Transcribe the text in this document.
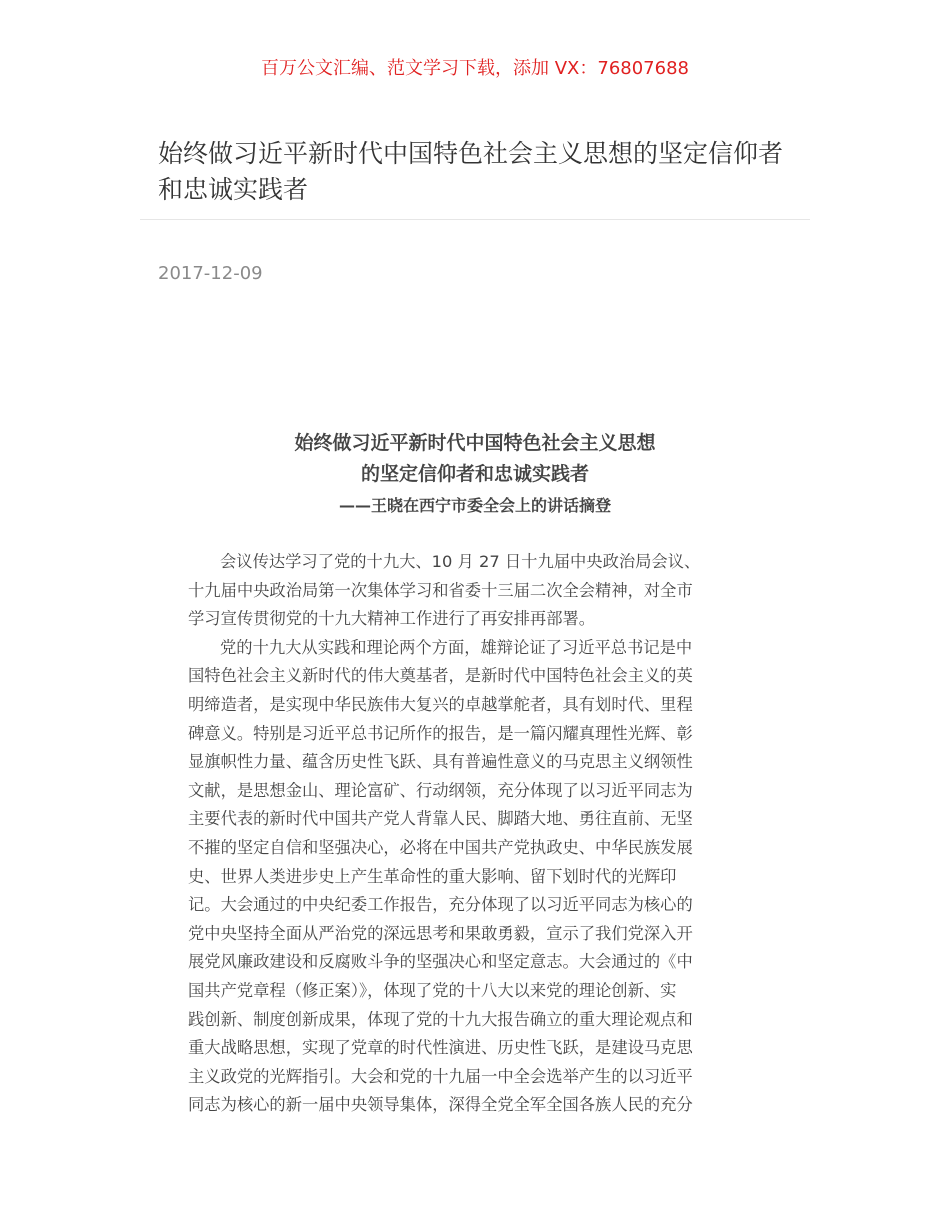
百万公文汇编、范文学习下载，添加 VX：76807688
始终做习近平新时代中国特色社会主义思想的坚定信仰者和忠诚实践者
2017-12-09
始终做习近平新时代中国特色社会主义思想
的坚定信仰者和忠诚实践者
——王晓在西宁市委全会上的讲话摘登
会议传达学习了党的十九大、10 月 27 日十九届中央政治局会议、
十九届中央政治局第一次集体学习和省委十三届二次全会精神，对全市
学习宣传贯彻党的十九大精神工作进行了再安排再部署。
党的十九大从实践和理论两个方面，雄辩论证了习近平总书记是中
国特色社会主义新时代的伟大奠基者，是新时代中国特色社会主义的英
明缔造者，是实现中华民族伟大复兴的卓越掌舵者，具有划时代、里程
碑意义。特别是习近平总书记所作的报告，是一篇闪耀真理性光辉、彰
显旗帜性力量、蕴含历史性飞跃、具有普遍性意义的马克思主义纲领性
文献，是思想金山、理论富矿、行动纲领，充分体现了以习近平同志为
主要代表的新时代中国共产党人背靠人民、脚踏大地、勇往直前、无坚
不摧的坚定自信和坚强决心，必将在中国共产党执政史、中华民族发展
史、世界人类进步史上产生革命性的重大影响、留下划时代的光辉印
记。大会通过的中央纪委工作报告，充分体现了以习近平同志为核心的
党中央坚持全面从严治党的深远思考和果敢勇毅，宣示了我们党深入开
展党风廉政建设和反腐败斗争的坚强决心和坚定意志。大会通过的《中
国共产党章程（修正案）》，体现了党的十八大以来党的理论创新、实
践创新、制度创新成果，体现了党的十九大报告确立的重大理论观点和
重大战略思想，实现了党章的时代性演进、历史性飞跃，是建设马克思
主义政党的光辉指引。大会和党的十九届一中全会选举产生的以习近平
同志为核心的新一届中央领导集体，深得全党全军全国各族人民的充分
